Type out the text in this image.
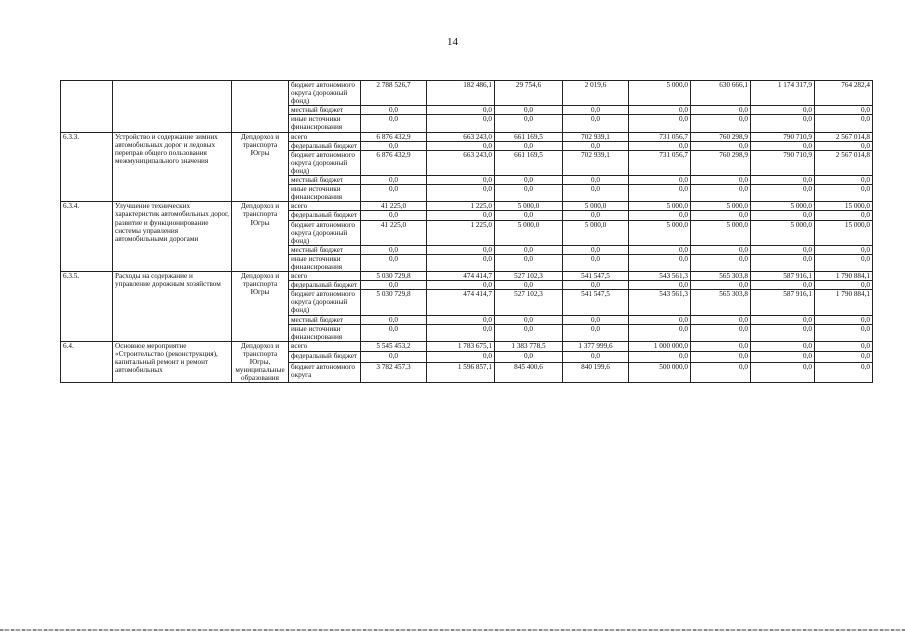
14
			бюджет автономного округа (дорожный фонд)	2 788 526,7	182 486,1	29 754,6	2 019,6	5 000,0	630 666,1	1 174 317,9	764 282,4
			местный бюджет	0,0	0,0	0,0	0,0	0,0	0,0	0,0	0,0
			иные источники финансирования	0,0	0,0	0,0	0,0	0,0	0,0	0,0	0,0
6.3.3.	Устройство и содержание зимних автомобильных дорог и ледовых переправ общего пользования межмуниципального значения	Депдорхоз и транспорта Югры	всего	6 876 432,9	663 243,0	661 169,5	702 939,1	731 056,7	760 298,9	790 710,9	2 567 014,8
			федеральный бюджет	0,0	0,0	0,0	0,0	0,0	0,0	0,0	0,0
			бюджет автономного округа (дорожный фонд)	6 876 432,9	663 243,0	661 169,5	702 939,1	731 056,7	760 298,9	790 710,9	2 567 014,8
			местный бюджет	0,0	0,0	0,0	0,0	0,0	0,0	0,0	0,0
			иные источники финансирования	0,0	0,0	0,0	0,0	0,0	0,0	0,0	0,0
6.3.4.	Улучшение технических характеристик автомобильных дорог, развитие и функционирование системы управления автомобильными дорогами	Депдорхоз и транспорта Югры	всего	41 225,0	1 225,0	5 000,0	5 000,0	5 000,0	5 000,0	5 000,0	15 000,0
			федеральный бюджет	0,0	0,0	0,0	0,0	0,0	0,0	0,0	0,0
			бюджет автономного округа (дорожный фонд)	41 225,0	1 225,0	5 000,0	5 000,0	5 000,0	5 000,0	5 000,0	15 000,0
			местный бюджет	0,0	0,0	0,0	0,0	0,0	0,0	0,0	0,0
			иные источники финансирования	0,0	0,0	0,0	0,0	0,0	0,0	0,0	0,0
6.3.5.	Расходы на содержание и управление дорожным хозяйством	Депдорхоз и транспорта Югры	всего	5 030 729,8	474 414,7	527 102,3	541 547,5	543 561,3	565 303,8	587 916,1	1 790 884,1
			федеральный бюджет	0,0	0,0	0,0	0,0	0,0	0,0	0,0	0,0
			бюджет автономного округа (дорожный фонд)	5 030 729,8	474 414,7	527 102,3	541 547,5	543 561,3	565 303,8	587 916,1	1 790 884,1
			местный бюджет	0,0	0,0	0,0	0,0	0,0	0,0	0,0	0,0
			иные источники финансирования	0,0	0,0	0,0	0,0	0,0	0,0	0,0	0,0
6.4.	Основное мероприятие «Строительство (реконструкция), капитальный ремонт и ремонт автомобильных	Депдорхоз и транспорта Югры, муниципальные образования	всего	5 545 453,2	1 783 675,1	1 383 778,5	1 377 999,6	1 000 000,0	0,0	0,0	0,0
			федеральный бюджет	0,0	0,0	0,0	0,0	0,0	0,0	0,0	0,0
			бюджет автономного округа	3 782 457,3	1 596 857,1	845 400,6	840 199,6	500 000,0	0,0	0,0	0,0
